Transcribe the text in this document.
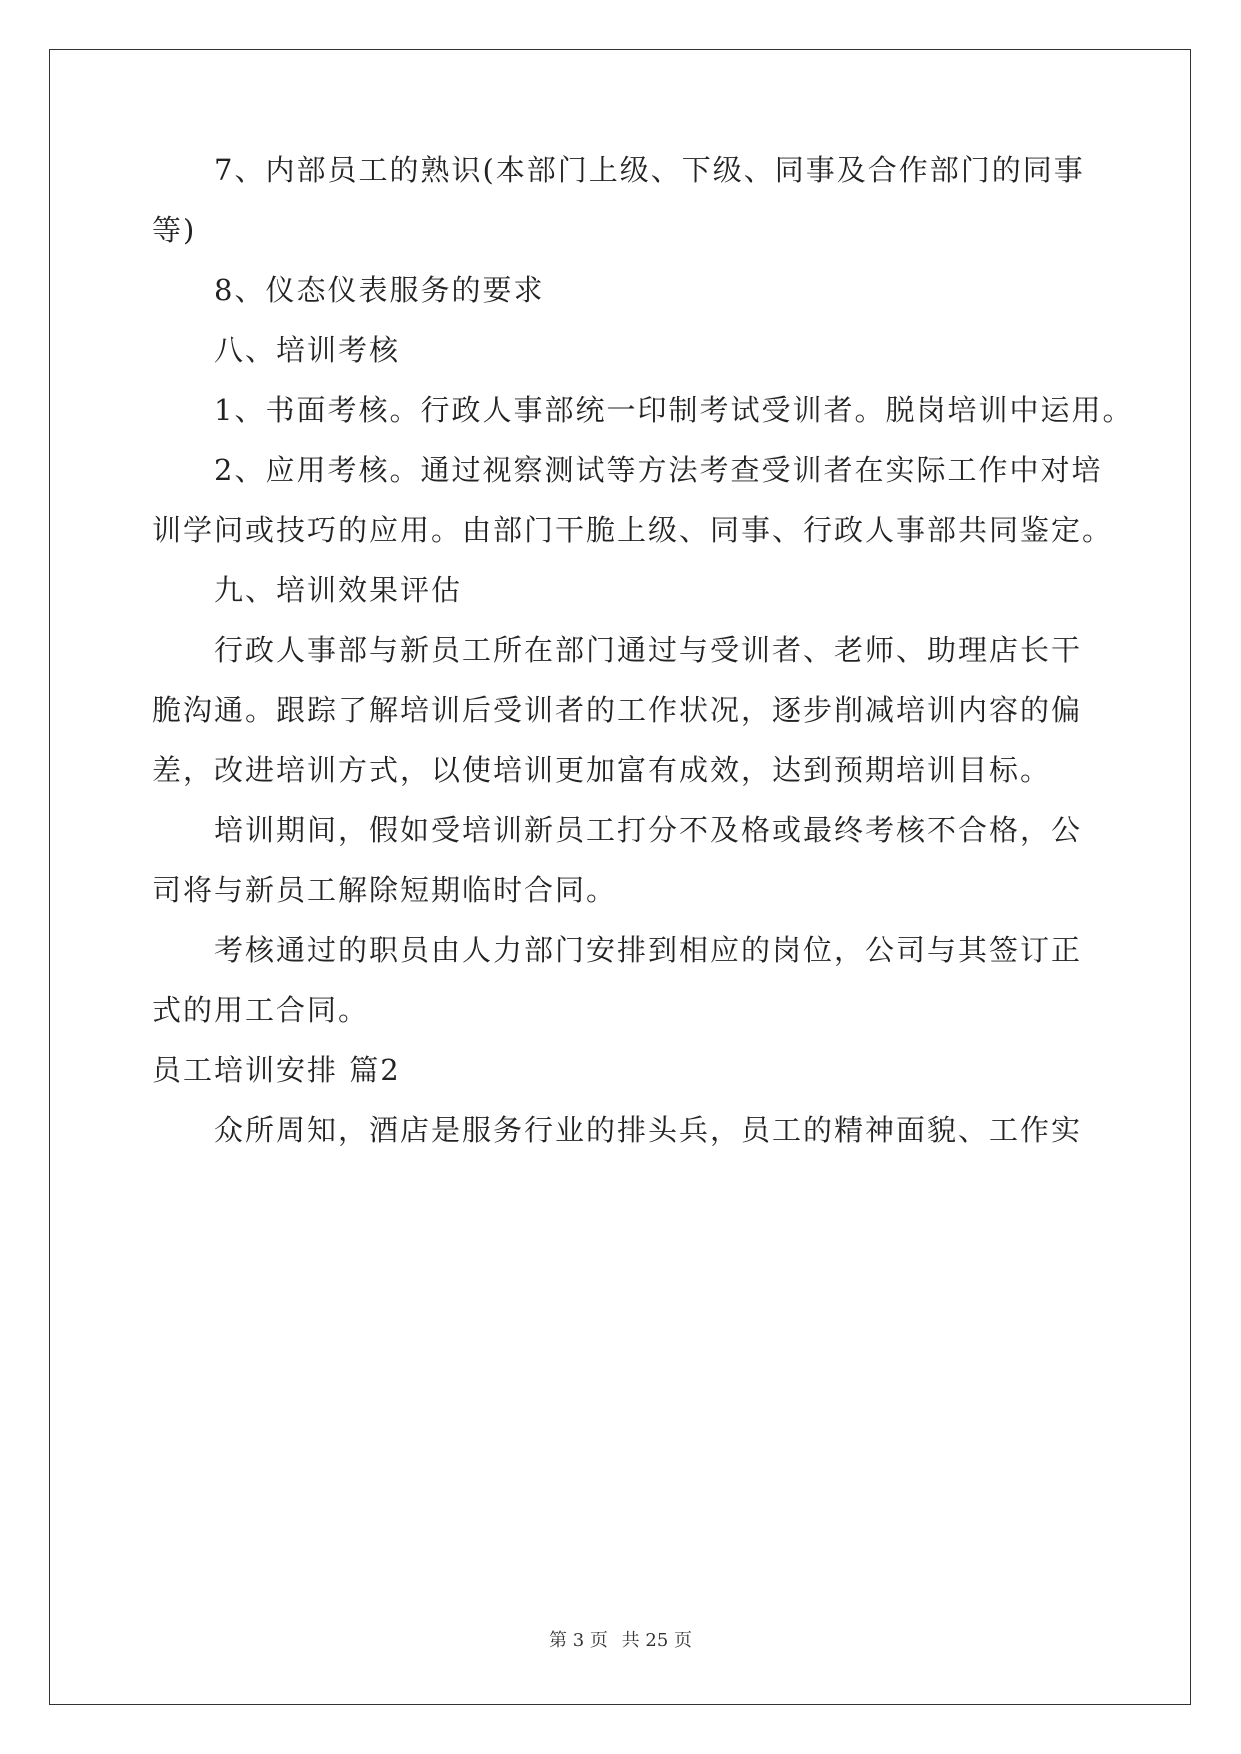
7、内部员工的熟识(本部门上级、下级、同事及合作部门的同事
等)
8、仪态仪表服务的要求
八、培训考核
1、书面考核。行政人事部统一印制考试受训者。脱岗培训中运用。
2、应用考核。通过视察测试等方法考查受训者在实际工作中对培
训学问或技巧的应用。由部门干脆上级、同事、行政人事部共同鉴定。
九、培训效果评估
行政人事部与新员工所在部门通过与受训者、老师、助理店长干
脆沟通。跟踪了解培训后受训者的工作状况，逐步削减培训内容的偏
差，改进培训方式，以使培训更加富有成效，达到预期培训目标。
培训期间，假如受培训新员工打分不及格或最终考核不合格，公
司将与新员工解除短期临时合同。
考核通过的职员由人力部门安排到相应的岗位，公司与其签订正
式的用工合同。
员工培训安排 篇2
众所周知，酒店是服务行业的排头兵，员工的精神面貌、工作实
第 3 页 共 25 页
